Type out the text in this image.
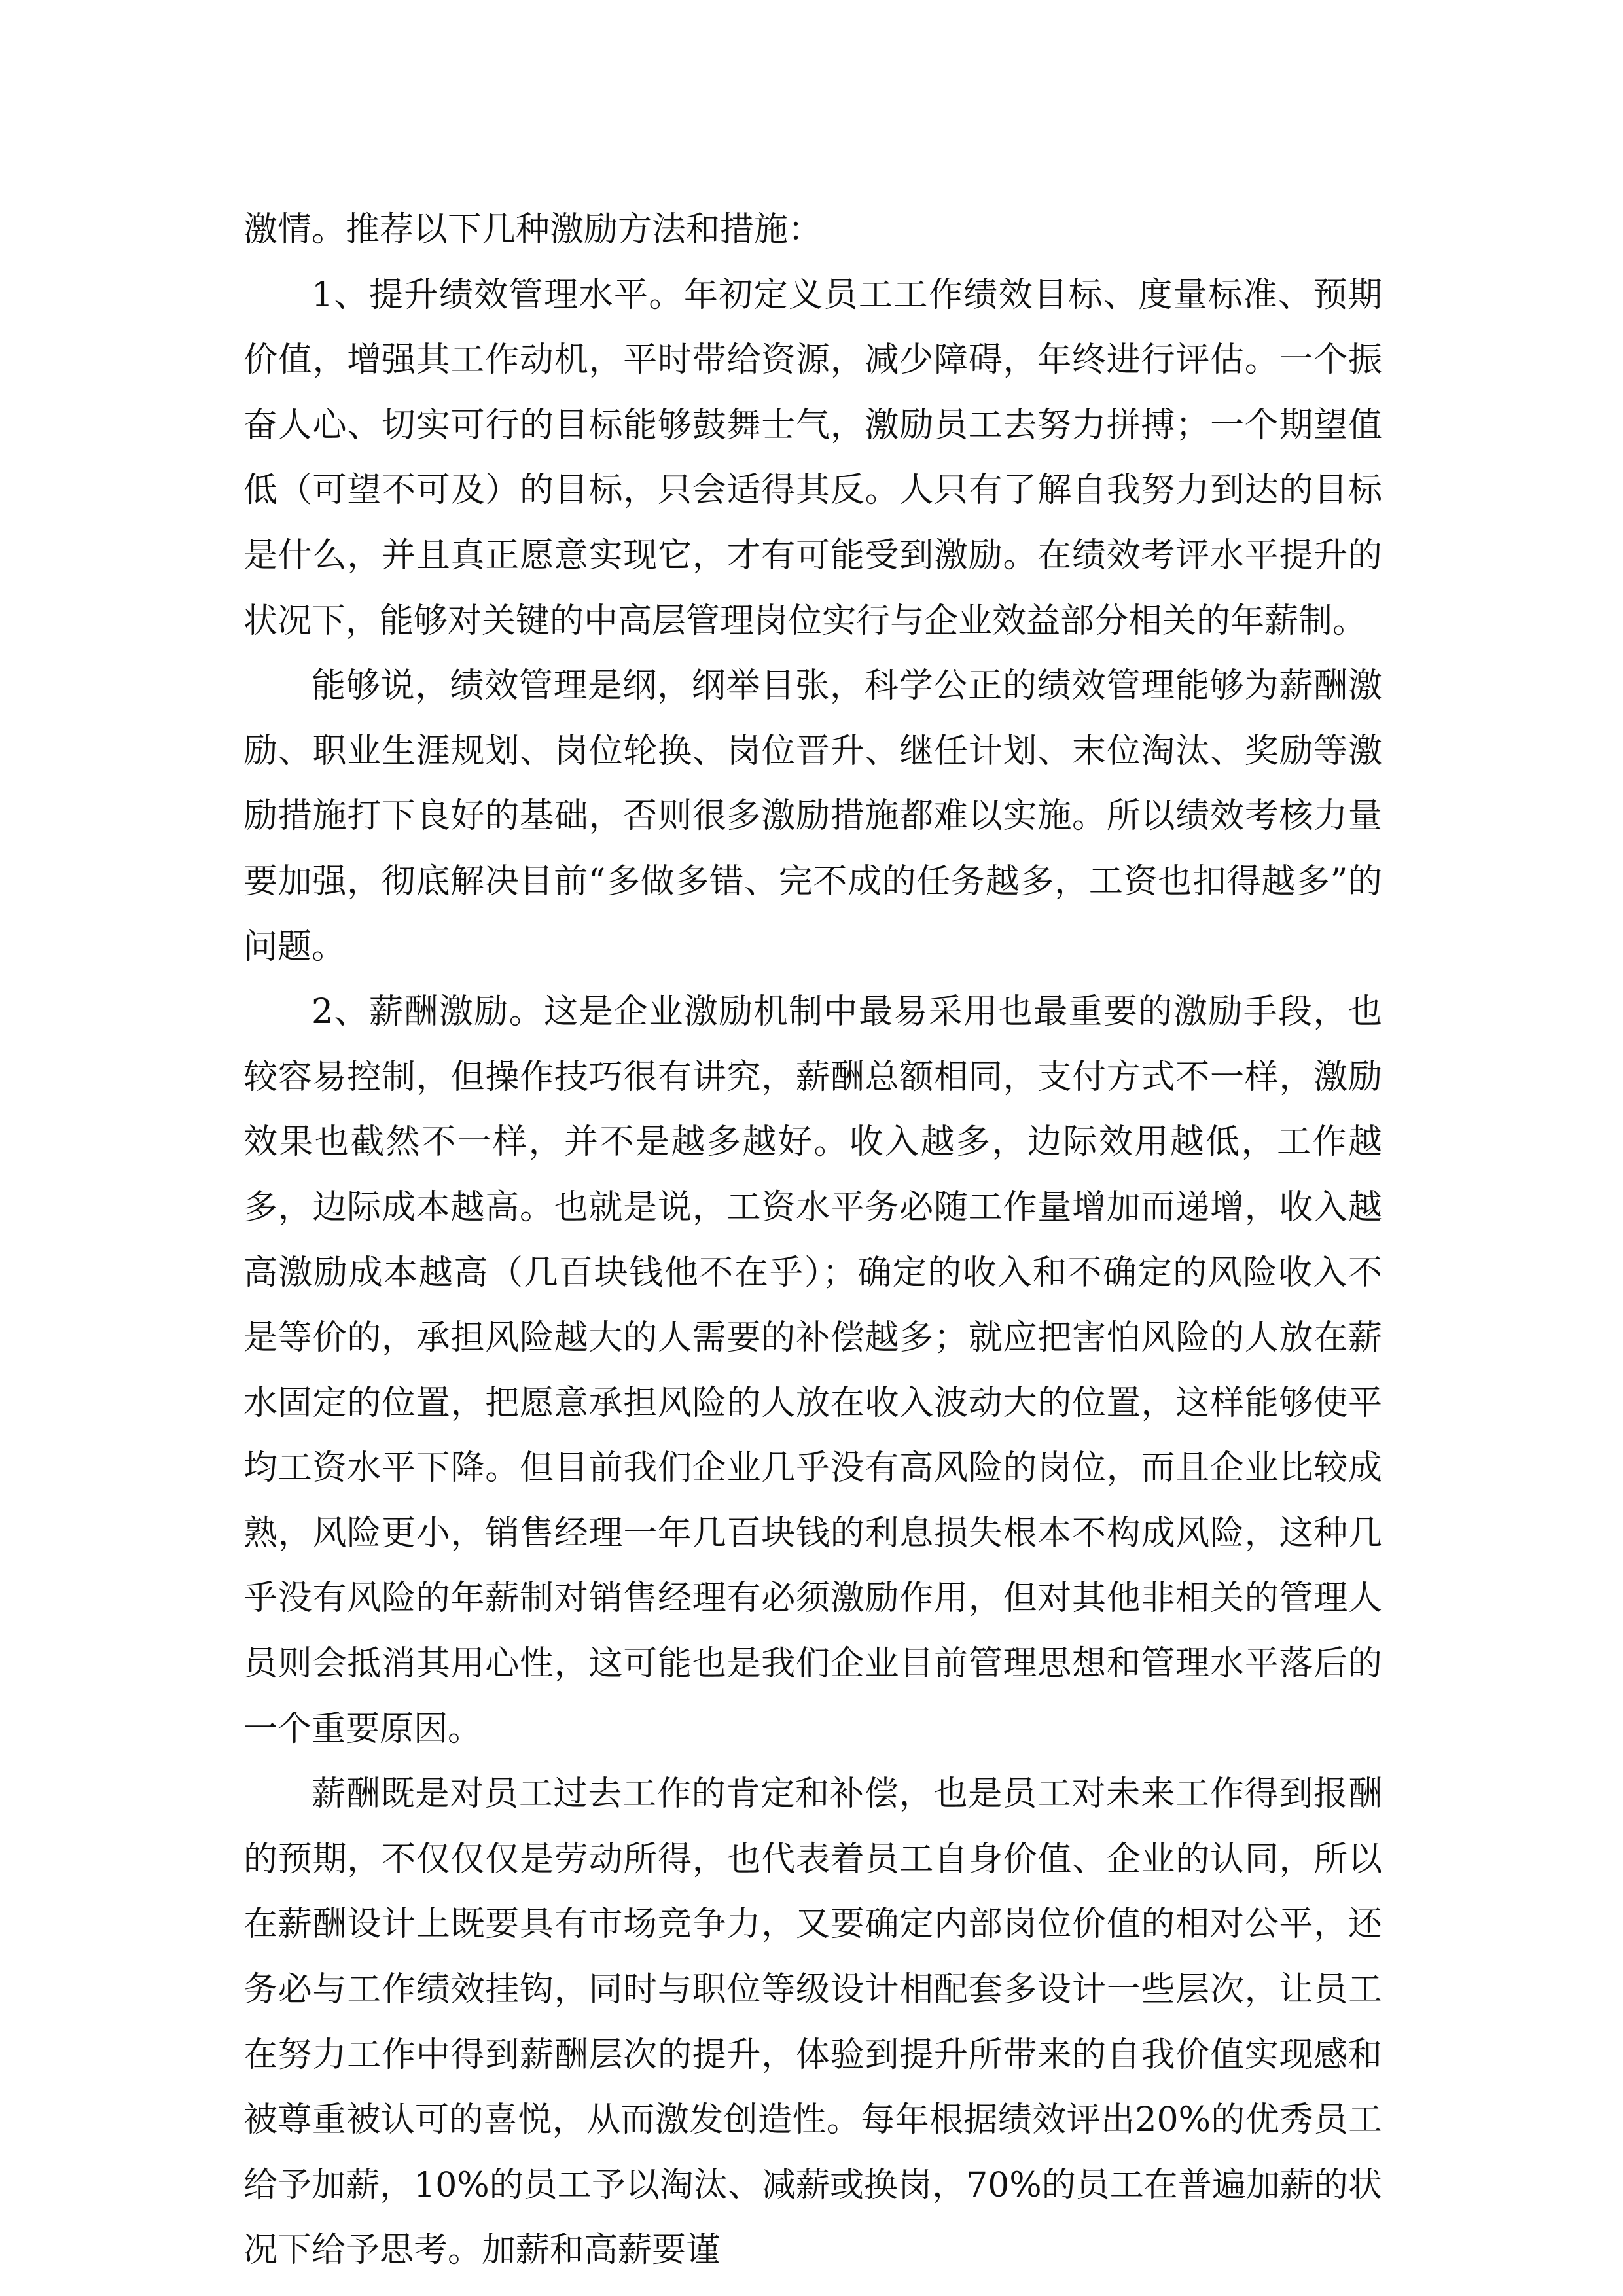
激情。推荐以下几种激励方法和措施：

1、提升绩效管理水平。年初定义员工工作绩效目标、度量标准、预期价值，增强其工作动机，平时带给资源，减少障碍，年终进行评估。一个振奋人心、切实可行的目标能够鼓舞士气，激励员工去努力拼搏；一个期望值低（可望不可及）的目标，只会适得其反。人只有了解自我努力到达的目标是什么，并且真正愿意实现它，才有可能受到激励。在绩效考评水平提升的状况下，能够对关键的中高层管理岗位实行与企业效益部分相关的年薪制。

能够说，绩效管理是纲，纲举目张，科学公正的绩效管理能够为薪酬激励、职业生涯规划、岗位轮换、岗位晋升、继任计划、末位淘汰、奖励等激励措施打下良好的基础，否则很多激励措施都难以实施。所以绩效考核力量要加强，彻底解决目前“多做多错、完不成的任务越多，工资也扣得越多”的问题。

2、薪酬激励。这是企业激励机制中最易采用也最重要的激励手段，也较容易控制，但操作技巧很有讲究，薪酬总额相同，支付方式不一样，激励效果也截然不一样，并不是越多越好。收入越多，边际效用越低，工作越多，边际成本越高。也就是说，工资水平务必随工作量增加而递增，收入越高激励成本越高（几百块钱他不在乎）；确定的收入和不确定的风险收入不是等价的，承担风险越大的人需要的补偿越多；就应把害怕风险的人放在薪水固定的位置，把愿意承担风险的人放在收入波动大的位置，这样能够使平均工资水平下降。但目前我们企业几乎没有高风险的岗位，而且企业比较成熟，风险更小，销售经理一年几百块钱的利息损失根本不构成风险，这种几乎没有风险的年薪制对销售经理有必须激励作用，但对其他非相关的管理人员则会抵消其用心性，这可能也是我们企业目前管理思想和管理水平落后的一个重要原因。

薪酬既是对员工过去工作的肯定和补偿，也是员工对未来工作得到报酬的预期，不仅仅仅是劳动所得，也代表着员工自身价值、企业的认同，所以在薪酬设计上既要具有市场竞争力，又要确定内部岗位价值的相对公平，还务必与工作绩效挂钩，同时与职位等级设计相配套多设计一些层次，让员工在努力工作中得到薪酬层次的提升，体验到提升所带来的自我价值实现感和被尊重被认可的喜悦，从而激发创造性。每年根据绩效评出20%的优秀员工给予加薪，10%的员工予以淘汰、减薪或换岗，70%的员工在普遍加薪的状况下给予思考。加薪和高薪要谨
